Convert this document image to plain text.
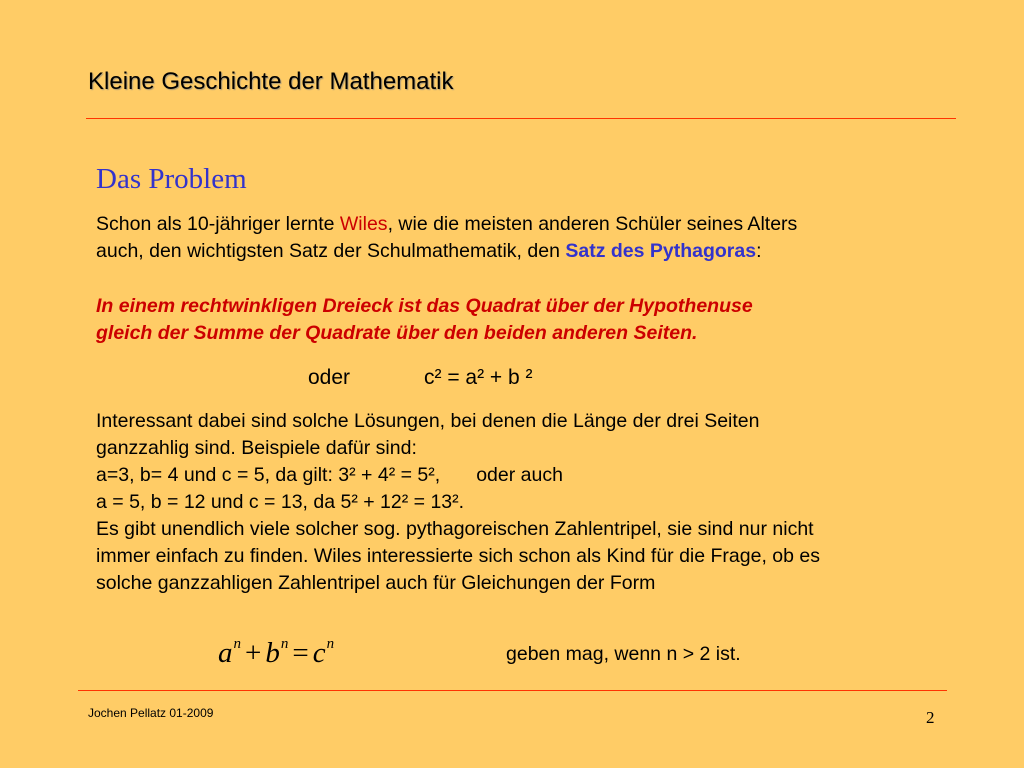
Kleine Geschichte der Mathematik
Das Problem
Schon als 10-jähriger lernte Wiles, wie die meisten anderen Schüler seines Alters
auch, den wichtigsten Satz der Schulmathematik, den Satz des Pythagoras:
In einem rechtwinkligen Dreieck ist das Quadrat über der Hypothenuse
gleich der Summe der Quadrate über den beiden anderen Seiten.
oder	c² = a² + b ²
Interessant dabei sind solche Lösungen, bei denen die Länge der drei Seiten
ganzzahlig sind. Beispiele dafür sind:
a=3, b= 4 und c = 5, da gilt: 3² + 4² = 5², oder auch
a = 5, b = 12 und c = 13, da 5² + 12² = 13².
Es gibt unendlich viele solcher sog. pythagoreischen Zahlentripel, sie sind nur nicht
immer einfach zu finden. Wiles interessierte sich schon als Kind für die Frage, ob es
solche ganzzahligen Zahlentripel auch für Gleichungen der Form
$a^n + b^n = c^n$	geben mag, wenn n > 2 ist.
Jochen Pellatz 01-2009	2
